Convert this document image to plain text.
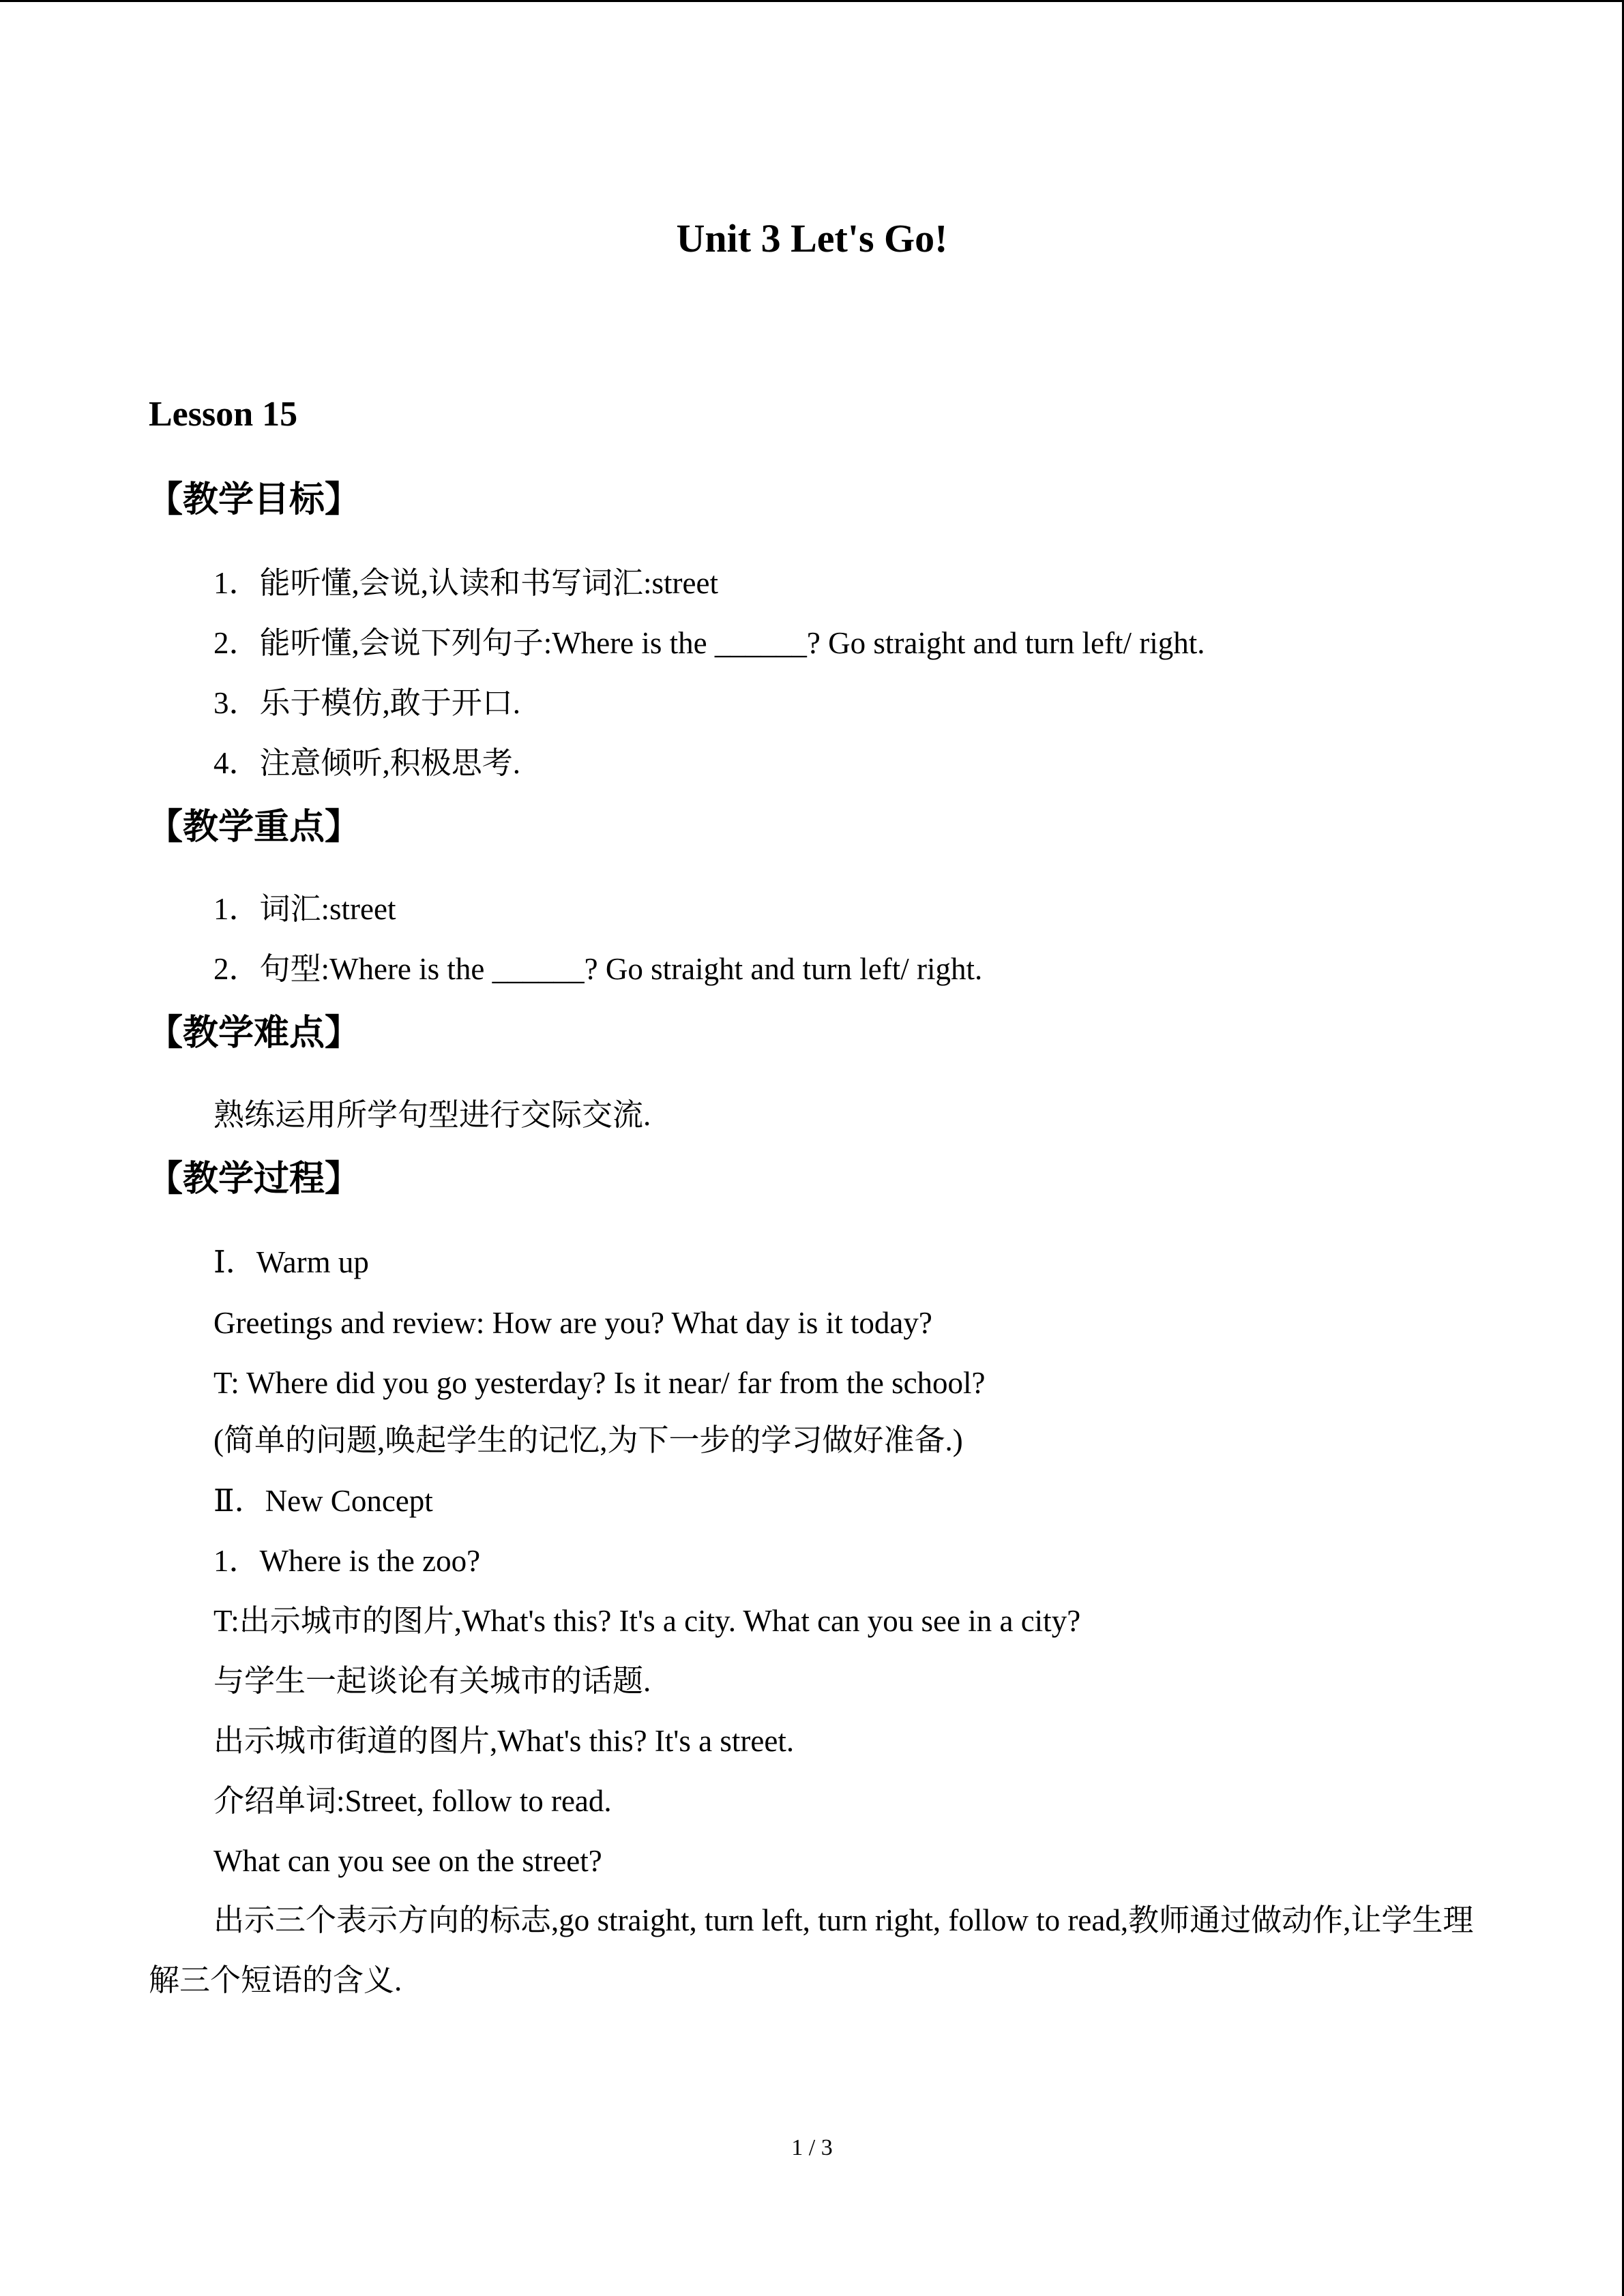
Unit 3 Let's Go!
Lesson 15
【教学目标】
1．能听懂,会说,认读和书写词汇:street
2．能听懂,会说下列句子:Where is the ______? Go straight and turn left/ right.
3．乐于模仿,敢于开口.
4．注意倾听,积极思考.
【教学重点】
1．词汇:street
2．句型:Where is the ______? Go straight and turn left/ right.
【教学难点】
熟练运用所学句型进行交际交流.
【教学过程】
Ⅰ．Warm up
Greetings and review: How are you? What day is it today?
T: Where did you go yesterday? Is it near/ far from the school?
(简单的问题,唤起学生的记忆,为下一步的学习做好准备.)
Ⅱ．New Concept
1．Where is the zoo?
T:出示城市的图片,What's this? It's a city. What can you see in a city?
与学生一起谈论有关城市的话题.
出示城市街道的图片,What's this? It's a street.
介绍单词:Street, follow to read.
What can you see on the street?
出示三个表示方向的标志,go straight, turn left, turn right, follow to read,教师通过做动作,让学生理解三个短语的含义.
1 / 3
